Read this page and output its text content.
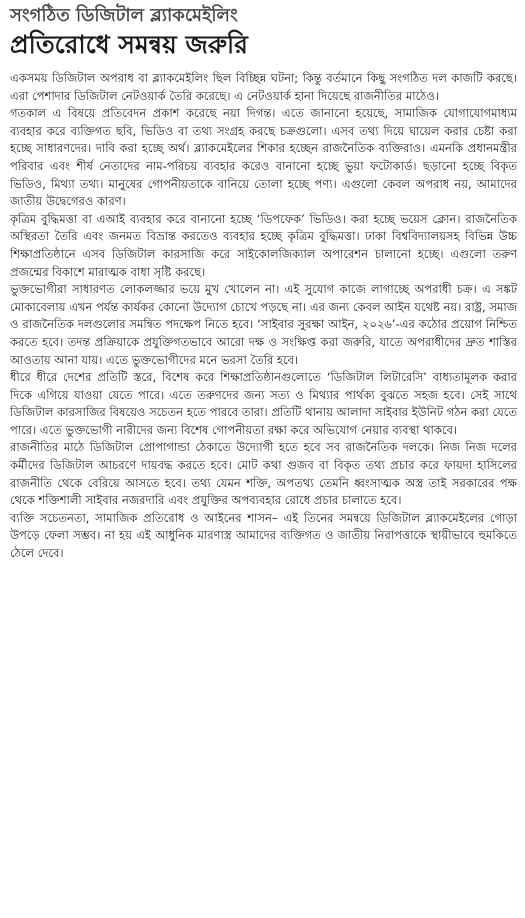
সংগঠিত ডিজিটাল ব্ল্যাকমেইলিং
প্রতিরোধে সমন্বয় জরুরি

একসময় ডিজিটাল অপরাধ বা ব্ল্যাকমেইলিং ছিল বিচ্ছিন্ন ঘটনা; কিন্তু বর্তমানে কিছু সংগঠিত দল কাজটি করছে। এরা পেশাদার ডিজিটাল নেটওয়ার্ক তৈরি করেছে। এ নেটওয়ার্ক হানা দিয়েছে রাজনীতির মাঠেও।

গতকাল এ বিষয়ে প্রতিবেদন প্রকাশ করেছে নয়া দিগন্ত। এতে জানানো হয়েছে, সামাজিক যোগাযোগমাধ্যম ব্যবহার করে ব্যক্তিগত ছবি, ভিডিও বা তথ্য সংগ্রহ করছে চক্রগুলো। এসব তথ্য দিয়ে ঘায়েল করার চেষ্টা করা হচ্ছে সাধারণদের। দাবি করা হচ্ছে অর্থ। ব্ল্যাকমেইলের শিকার হচ্ছেন রাজনৈতিক ব্যক্তিরাও। এমনকি প্রধানমন্ত্রীর পরিবার এবং শীর্ষ নেতাদের নাম-পরিচয় ব্যবহার করেও বানানো হচ্ছে ভুয়া ফটোকার্ড। ছড়ানো হচ্ছে বিকৃত ভিডিও, মিথ্যা তথ্য। মানুষের গোপনীয়তাকে বানিয়ে তোলা হচ্ছে পণ্য। এগুলো কেবল অপরাধ নয়, আমাদের জাতীয় উদ্বেগেরও কারণ।

কৃত্রিম বুদ্ধিমত্তা বা এআই ব্যবহার করে বানানো হচ্ছে ‘ডিপফেক’ ভিডিও। করা হচ্ছে ভয়েস ক্লোন। রাজনৈতিক অস্থিরতা তৈরি এবং জনমত বিভ্রান্ত করতেও ব্যবহার হচ্ছে কৃত্রিম বুদ্ধিমত্তা। ঢাকা বিশ্ববিদ্যালয়সহ বিভিন্ন উচ্চ শিক্ষাপ্রতিষ্ঠানে এসব ডিজিটাল কারসাজি করে সাইকোলজিক্যাল অপারেশন চালানো হচ্ছে। এগুলো তরুণ প্রজন্মের বিকাশে মারাত্মক বাধা সৃষ্টি করছে।

ভুক্তভোগীরা সাধারণত লোকলজ্জার ভয়ে মুখ খোলেন না। এই সুযোগ কাজে লাগাচ্ছে অপরাধী চক্র। এ সঙ্কট মোকাবেলায় এখন পর্যন্ত কার্যকর কোনো উদ্যোগ চোখে পড়ছে না। এর জন্য কেবল আইন যথেষ্ট নয়। রাষ্ট্র, সমাজ ও রাজনৈতিক দলগুলোর সমন্বিত পদক্ষেপ নিতে হবে। ‘সাইবার সুরক্ষা আইন, ২০২৬’-এর কঠোর প্রয়োগ নিশ্চিত করতে হবে। তদন্ত প্রক্রিয়াকে প্রযুক্তিগতভাবে আরো দক্ষ ও সংক্ষিপ্ত করা জরুরি, যাতে অপরাধীদের দ্রুত শাস্তির আওতায় আনা যায়। এতে ভুক্তভোগীদের মনে ভরসা তৈরি হবে।

ধীরে ধীরে দেশের প্রতিটি স্তরে, বিশেষ করে শিক্ষাপ্রতিষ্ঠানগুলোতে ‘ডিজিটাল লিটারেসি’ বাধ্যতামূলক করার দিকে এগিয়ে যাওয়া যেতে পারে। এতে তরুণদের জন্য সত্য ও মিথ্যার পার্থক্য বুঝতে সহজ হবে। সেই সাথে ডিজিটাল কারসাজির বিষয়েও সচেতন হতে পারবে তারা। প্রতিটি থানায় আলাদা সাইবার ইউনিট গঠন করা যেতে পারে। এতে ভুক্তভোগী নারীদের জন্য বিশেষ গোপনীয়তা রক্ষা করে অভিযোগ নেয়ার ব্যবস্থা থাকবে।

রাজনীতির মাঠে ডিজিটাল প্রোপাগান্ডা ঠেকাতে উদ্যোগী হতে হবে সব রাজনৈতিক দলকে। নিজ নিজ দলের কর্মীদের ডিজিটাল আচরণে দায়বদ্ধ করতে হবে। মোট কথা গুজব বা বিকৃত তথ্য প্রচার করে ফায়দা হাসিলের রাজনীতি থেকে বেরিয়ে আসতে হবে। তথ্য যেমন শক্তি, অপতথ্য তেমনি ধ্বংসাত্মক অস্ত্র তাই সরকারের পক্ষ থেকে শক্তিশালী সাইবার নজরদারি এবং প্রযুক্তির অপব্যবহার রোধে প্রচার চালাতে হবে।

ব্যক্তি সচেতনতা, সামাজিক প্রতিরোধ ও আইনের শাসন– এই তিনের সমন্বয়ে ডিজিটাল ব্ল্যাকমেইলের গোড়া উপড়ে ফেলা সম্ভব। না হয় এই আধুনিক মারণাস্ত্র আমাদের ব্যক্তিগত ও জাতীয় নিরাপত্তাকে স্থায়ীভাবে হুমকিতে ঠেলে দেবে।
